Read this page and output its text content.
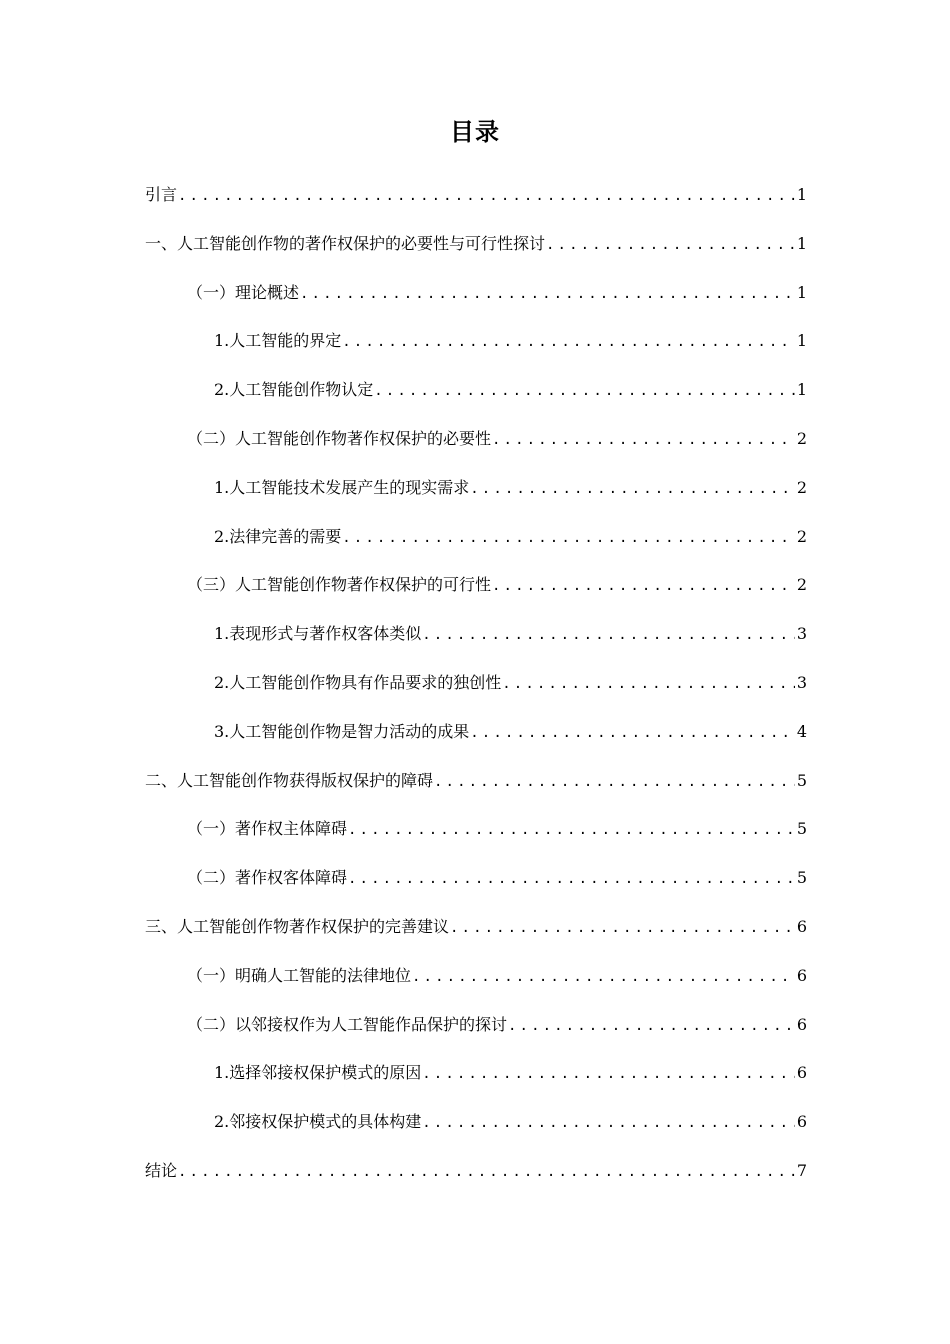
目录
引言 .....	1
一、人工智能创作物的著作权保护的必要性与可行性探讨 .....	1
（一）理论概述 .....	1
1.人工智能的界定 .....	1
2.人工智能创作物认定 .....	1
（二）人工智能创作物著作权保护的必要性 .....	2
1.人工智能技术发展产生的现实需求 .....	2
2.法律完善的需要 .....	2
（三）人工智能创作物著作权保护的可行性 .....	2
1.表现形式与著作权客体类似 .....	3
2.人工智能创作物具有作品要求的独创性 .....	3
3.人工智能创作物是智力活动的成果 .....	4
二、人工智能创作物获得版权保护的障碍 .....	5
（一）著作权主体障碍 .....	5
（二）著作权客体障碍 .....	5
三、人工智能创作物著作权保护的完善建议 .....	6
（一）明确人工智能的法律地位 .....	6
（二）以邻接权作为人工智能作品保护的探讨 .....	6
1.选择邻接权保护模式的原因 .....	6
2.邻接权保护模式的具体构建 .....	6
结论 .....	7
